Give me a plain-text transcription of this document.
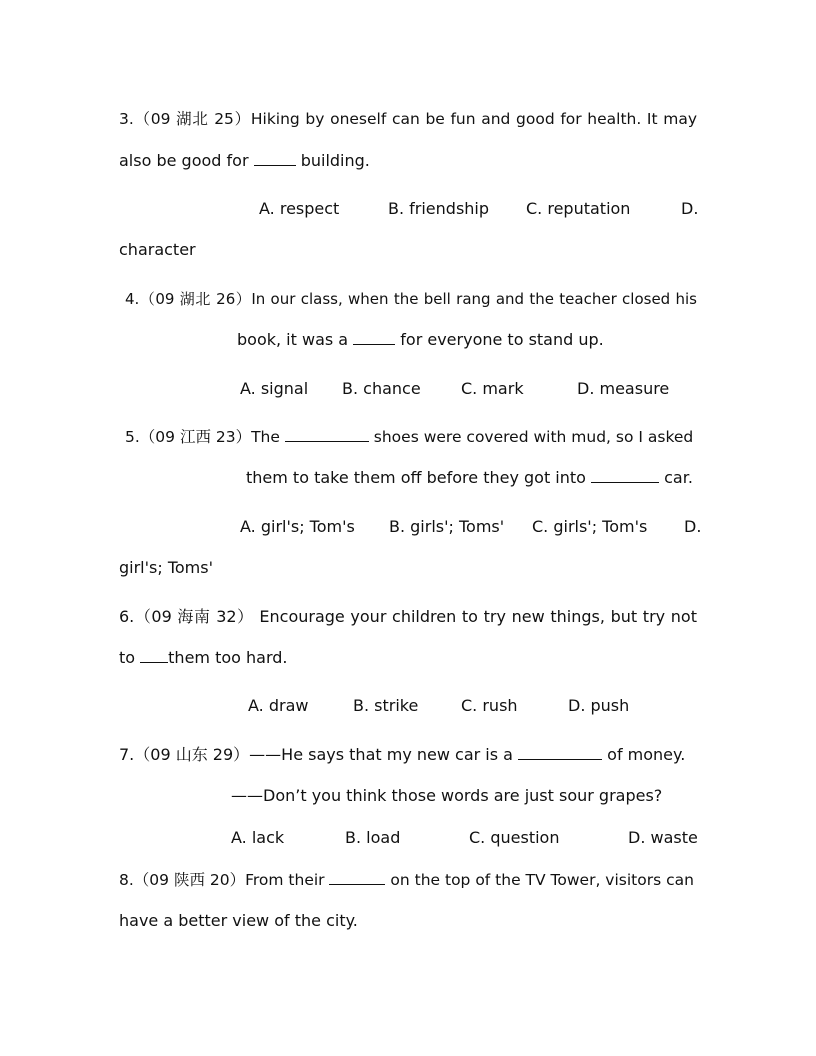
3.（09 湖北 25）Hiking by oneself can be fun and good for health. It may
also be good for	building.
A. respect	B. friendship C. reputation	D.
character
4.（09 湖北 26）In our class, when the bell rang and the teacher closed his
book, it was a	for everyone to stand up.
A. signal B. chance	C. mark	D. measure
5.（09 江西 23）The	shoes were covered with mud, so I asked
them to take them off before they got into	car.
A. girl's; Tom's B. girls'; Toms' C. girls'; Tom's D.
girl's; Toms'
6.（09 海南 32） Encourage your children to try new things, but try not
to them too hard.
A. draw	B. strike	C. rush	D. push
7.（09 山东 29）——He says that my new car is a	of money.
——Don’t you think those words are just sour grapes?
A. lack	B. load	C. question	D. waste
8.（09 陕西 20）From their	on the top of the TV Tower, visitors can
have a better view of the city.
